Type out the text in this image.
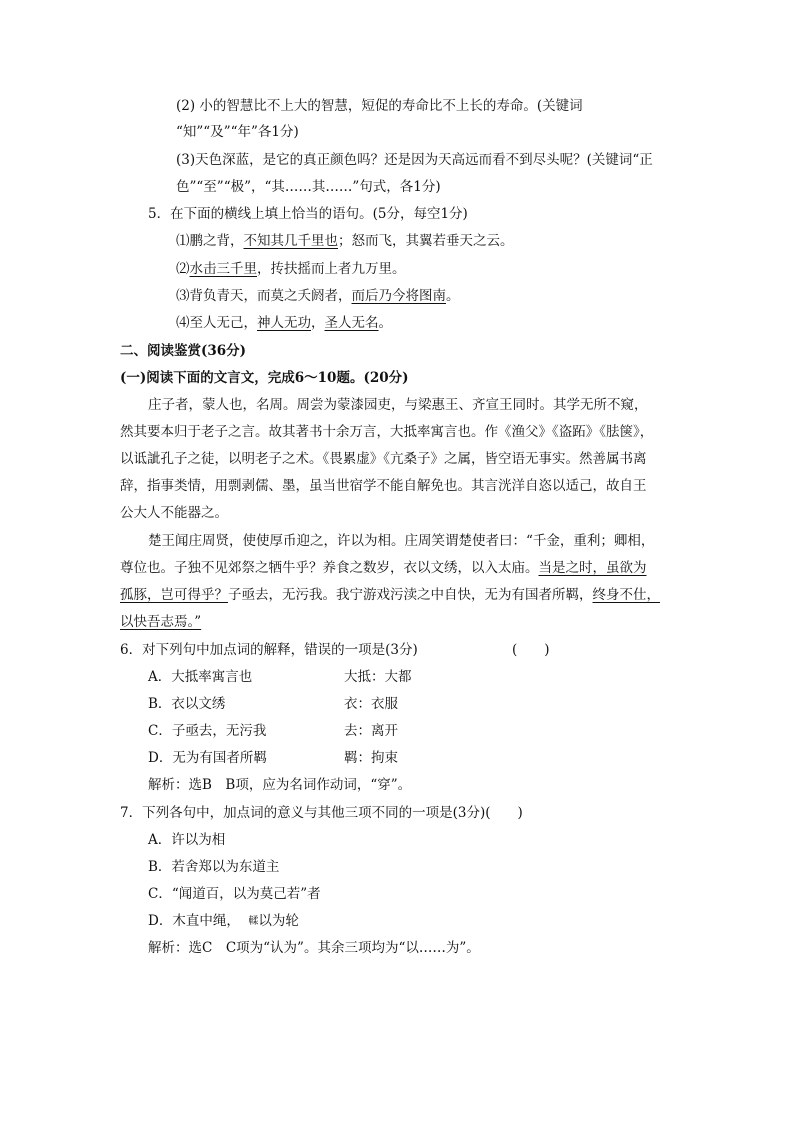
(2) 小的智慧比不上大的智慧，短促的寿命比不上长的寿命。(关键词
“知”“及”“年”各1分)
(3)天色深蓝，是它的真正颜色吗？还是因为天高远而看不到尽头呢？(关键词“正
色”“至”“极”，“其……其……”句式，各1分)
5．在下面的横线上填上恰当的语句。(5分，每空1分)
⑴鹏之背，不知其几千里也；怒而飞，其翼若垂天之云。
⑵水击三千里，抟扶摇而上者九万里。
⑶背负青天，而莫之夭阏者，而后乃今将图南。
⑷至人无己，神人无功，圣人无名。
二、阅读鉴赏(36分)
(一)阅读下面的文言文，完成6～10题。(20分)
庄子者，蒙人也，名周。周尝为蒙漆园吏，与梁惠王、齐宣王同时。其学无所不窥，
然其要本归于老子之言。故其著书十余万言，大抵率寓言也。作《渔父》《盗跖》《胠箧》，
以诋訿孔子之徒，以明老子之术。《畏累虚》《亢桑子》之属，皆空语无事实。然善属书离
辞，指事类情，用剽剥儒、墨，虽当世宿学不能自解免也。其言洸洋自恣以适己，故自王
公大人不能器之。
楚王闻庄周贤，使使厚币迎之，许以为相。庄周笑谓楚使者曰：“千金，重利；卿相，
尊位也。子独不见郊祭之牺牛乎？养食之数岁，衣以文绣，以入太庙。当是之时，虽欲为
孤豚，岂可得乎？子亟去，无污我。我宁游戏污渎之中自快，无为有国者所羁，终身不仕，
以快吾志焉。”
6．对下列句中加点词的解释，错误的一项是(3分)	(　　)
A．大抵率寓言也	大抵：大都
B．衣以文绣	衣：衣服
C．子亟去，无污我	去：离开
D．无为有国者所羁	羁：拘束
解析：选B　B项，应为名词作动词，“穿”。
7．下列各句中，加点词的意义与其他三项不同的一项是(3分)(　　)
A．许以为相
B．若舍郑以为东道主
C．“闻道百，以为莫己若”者
D．木直中绳， 輮以为轮
解析：选C　C项为“认为”。其余三项均为“以……为”。
